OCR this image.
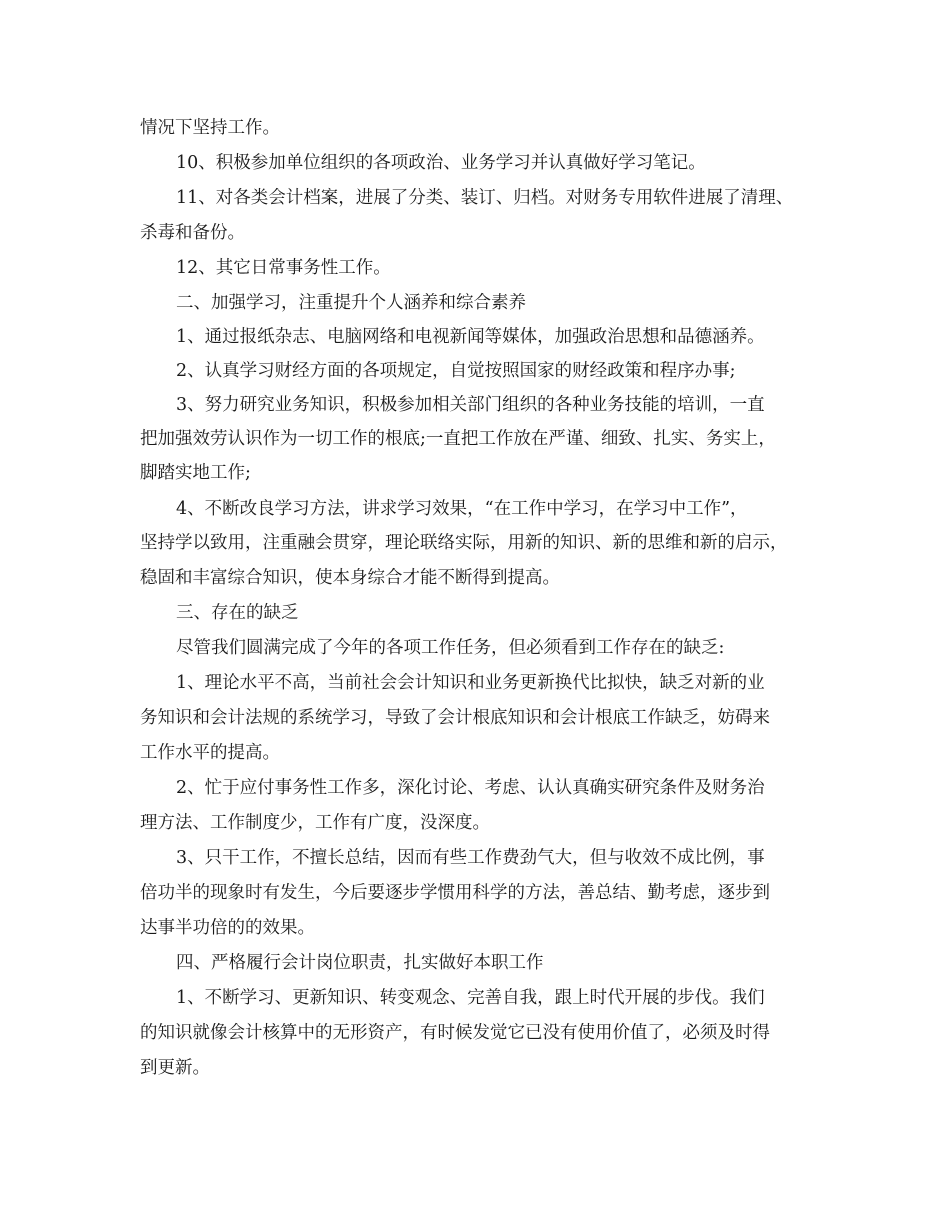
情况下坚持工作。
10、积极参加单位组织的各项政治、业务学习并认真做好学习笔记。
11、对各类会计档案，进展了分类、装订、归档。对财务专用软件进展了清理、
杀毒和备份。
12、其它日常事务性工作。
二、加强学习，注重提升个人涵养和综合素养
1、通过报纸杂志、电脑网络和电视新闻等媒体，加强政治思想和品德涵养。
2、认真学习财经方面的各项规定，自觉按照国家的财经政策和程序办事;
3、努力研究业务知识，积极参加相关部门组织的各种业务技能的培训，一直
把加强效劳认识作为一切工作的根底;一直把工作放在严谨、细致、扎实、务实上，
脚踏实地工作;
4、不断改良学习方法，讲求学习效果，“在工作中学习，在学习中工作”，
坚持学以致用，注重融会贯穿，理论联络实际，用新的知识、新的思维和新的启示，
稳固和丰富综合知识，使本身综合才能不断得到提高。
三、存在的缺乏
尽管我们圆满完成了今年的各项工作任务，但必须看到工作存在的缺乏:
1、理论水平不高，当前社会会计知识和业务更新换代比拟快，缺乏对新的业
务知识和会计法规的系统学习，导致了会计根底知识和会计根底工作缺乏，妨碍来
工作水平的提高。
2、忙于应付事务性工作多，深化讨论、考虑、认认真确实研究条件及财务治
理方法、工作制度少，工作有广度，没深度。
3、只干工作，不擅长总结，因而有些工作费劲气大，但与收效不成比例，事
倍功半的现象时有发生，今后要逐步学惯用科学的方法，善总结、勤考虑，逐步到
达事半功倍的的效果。
四、严格履行会计岗位职责，扎实做好本职工作
1、不断学习、更新知识、转变观念、完善自我，跟上时代开展的步伐。我们
的知识就像会计核算中的无形资产，有时候发觉它已没有使用价值了，必须及时得
到更新。
